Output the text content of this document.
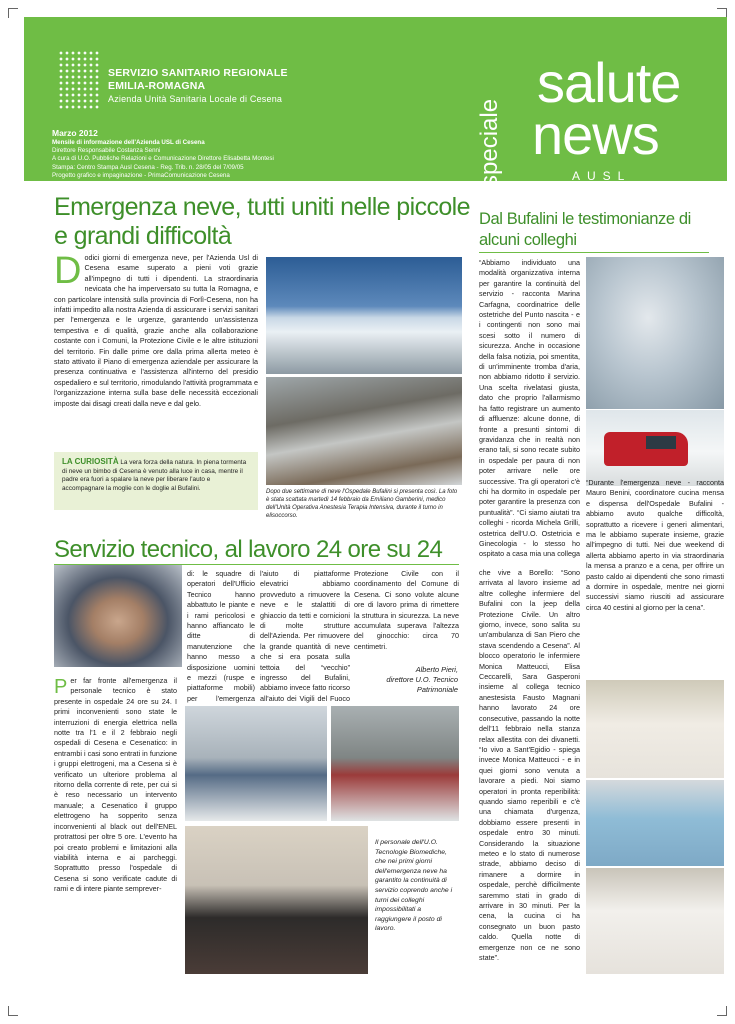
SERVIZIO SANITARIO REGIONALE
EMILIA-ROMAGNA
Azienda Unità Sanitaria Locale di Cesena
Marzo 2012
Mensile di informazione dell'Azienda USL di Cesena
Direttore Responsabile Costanza Senni
A cura di U.O. Pubbliche Relazioni e Comunicazione Direttore Elisabetta Montesi
Stampa: Centro Stampa Ausl Cesena - Reg. Trib. n. 28/05 del 7/09/05
Progetto grafico e impaginazione - PrimaComunicazione Cesena	speciale
salute
news
AUSL CESENA
Emergenza neve, tutti uniti nelle piccole e grandi difficoltà
D odici giorni di emergenza neve, per l'Azienda Usl di Cesena esame superato a pieni voti grazie all'impegno di tutti i dipendenti. La straordinaria nevicata che ha imperversato su tutta la Romagna, e con particolare intensità sulla provincia di Forlì-Cesena, non ha infatti impedito alla nostra Azienda di assicurare i servizi sanitari per l'emergenza e le urgenze, garantendo un'assistenza tempestiva e di qualità, grazie anche alla collaborazione costante con i Comuni, la Protezione Civile e le altre istituzioni del territorio. Fin dalle prime ore dalla prima allerta meteo è stato attivato il Piano di emergenza aziendale per assicurare la presenza continuativa e l'assistenza all'interno del presidio ospedaliero e sul territorio, rimodulando l'attività programmata e l'organizzazione interna sulla base delle necessità eccezionali imposte dai disagi creati dalla neve e dal gelo.
LA CURIOSITÀ La vera forza della natura. In piena tormenta di neve un bimbo di Cesena è venuto alla luce in casa, mentre il padre era fuori a spalare la neve per liberare l'auto e accompagnare la moglie con le doglie al Bufalini.
Dopo due settimane di neve l'Ospedale Bufalini si presenta così. La foto è stata scattata martedì 14 febbraio da Emiliano Gamberini, medico dell'Unità Operativa Anestesia Terapia Intensiva, durante il turno in elisoccorso.
Dal Bufalini le testimonianze di alcuni colleghi
“Abbiamo individuato una modalità organizzativa interna per garantire la continuità del servizio - racconta Marina Carfagna, coordinatrice delle ostetriche del Punto nascita - e i contingenti non sono mai scesi sotto il numero di sicurezza. Anche in occasione della falsa notizia, poi smentita, di un'imminente tromba d'aria, non abbiamo ridotto il servizio. Una scelta rivelatasi giusta, dato che proprio l'allarmismo ha fatto registrare un aumento di affluenze: alcune donne, di fronte a presunti sintomi di gravidanza che in realtà non erano tali, si sono recate subito in ospedale per paura di non poter arrivare nelle ore successive. Tra gli operatori c'è chi ha dormito in ospedale per poter garantire la presenza con puntualità”. “Ci siamo aiutati tra colleghi - ricorda Michela Grilli, ostetrica dell'U.O. Ostetricia e Ginecologia - lo stesso ho ospitato a casa mia una collega
che vive a Borello: “Sono arrivata al lavoro insieme ad altre colleghe infermiere del Bufalini con la jeep della Protezione Civile. Un altro giorno, invece, sono salita su un'ambulanza di San Piero che stava scendendo a Cesena”. Al blocco operatorio le infermiere Monica Matteucci, Elisa Ceccarelli, Sara Gasperoni insieme al collega tecnico anestesista Fausto Magnani hanno lavorato 24 ore consecutive, passando la notte dell'11 febbraio nella stanza relax allestita con dei divanetti. “Io vivo a Sant'Egidio - spiega invece Monica Matteucci - e in quei giorni sono venuta a lavorare a piedi. Noi siamo operatori in pronta reperibilità: quando siamo reperibili e c'è una chiamata d'urgenza, dobbiamo essere presenti in ospedale entro 30 minuti. Considerando la situazione meteo e lo stato di numerose strade, abbiamo deciso di rimanere a dormire in ospedale, perchè difficilmente saremmo stati in grado di arrivare in 30 minuti. Per la cena, la cucina ci ha consegnato un buon pasto caldo. Quella notte di emergenze non ce ne sono state”.
“Durante l'emergenza neve - racconta Mauro Benini, coordinatore cucina mensa e dispensa dell'Ospedale Bufalini - abbiamo avuto qualche difficoltà, soprattutto a ricevere i generi alimentari, ma le abbiamo superate insieme, grazie all'impegno di tutti. Nei due weekend di allerta abbiamo aperto in via straordinaria la mensa a pranzo e a cena, per offrire un pasto caldo ai dipendenti che sono rimasti a dormire in ospedale, mentre nei giorni successivi siamo riusciti ad assicurare circa 40 cestini al giorno per la cena”.
Servizio tecnico, al lavoro 24 ore su 24
P er far fronte all'emergenza il personale tecnico è stato presente in ospedale 24 ore su 24. I primi inconvenienti sono state le interruzioni di energia elettrica nella notte tra l'1 e il 2 febbraio negli ospedali di Cesena e Cesenatico: in entrambi i casi sono entrati in funzione i gruppi elettrogeni, ma a Cesena si è verificato un ulteriore problema al ritorno della corrente di rete, per cui si è reso necessario un intervento manuale; a Cesenatico il gruppo elettrogeno ha sopperito senza inconvenienti al black out dell'ENEL protrattosi per oltre 5 ore. L'evento ha poi creato problemi e limitazioni alla viabilità interna e ai parcheggi. Soprattutto presso l'ospedale di Cesena si sono verificate cadute di rami e di intere piante semprever-
di: le squadre di operatori dell'Ufficio Tecnico hanno abbattuto le piante e i rami pericolosi e hanno affiancato le ditte di manutenzione che hanno messo a disposizione uomini e mezzi (ruspe e piattaforme mobili) per l'emergenza
l'aiuto di piattaforme elevatrici abbiamo provveduto a rimuovere la neve e le stalattiti di ghiaccio da tetti e cornicioni di molte strutture dell'Azienda. Per rimuovere la grande quantità di neve che si era posata sulla tettoia del “vecchio” ingresso del Bufalini, abbiamo invece fatto ricorso all'aiuto dei Vigili del Fuoco
Protezione Civile con il coordinamento del Comune di Cesena. Ci sono volute alcune ore di lavoro prima di rimettere la struttura in sicurezza. La neve accumulata superava l'altezza del ginocchio: circa 70 centimetri.
Alberto Pieri,
direttore U.O. Tecnico Patrimoniale
Il personale dell'U.O. Tecnologie Biomediche, che nei primi giorni dell'emergenza neve ha garantito la continuità di servizio coprendo anche i turni dei colleghi impossibilitati a raggiungere il posto di lavoro.
